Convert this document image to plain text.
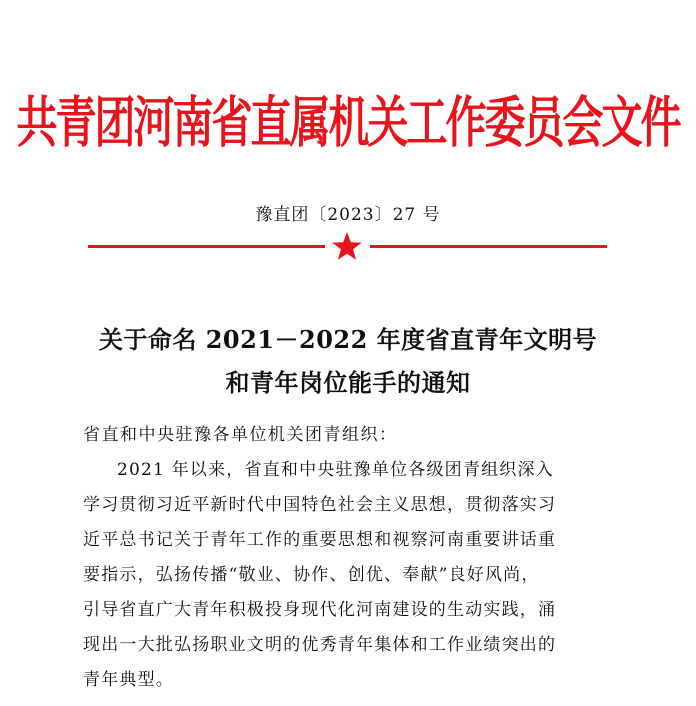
共青团河南省直属机关工作委员会文件
豫直团〔2023〕27 号
关于命名 2021－2022 年度省直青年文明号
和青年岗位能手的通知
省直和中央驻豫各单位机关团青组织：
2021 年以来，省直和中央驻豫单位各级团青组织深入
学习贯彻习近平新时代中国特色社会主义思想，贯彻落实习
近平总书记关于青年工作的重要思想和视察河南重要讲话重
要指示，弘扬传播“敬业、协作、创优、奉献”良好风尚，
引导省直广大青年积极投身现代化河南建设的生动实践，涌
现出一大批弘扬职业文明的优秀青年集体和工作业绩突出的
青年典型。
